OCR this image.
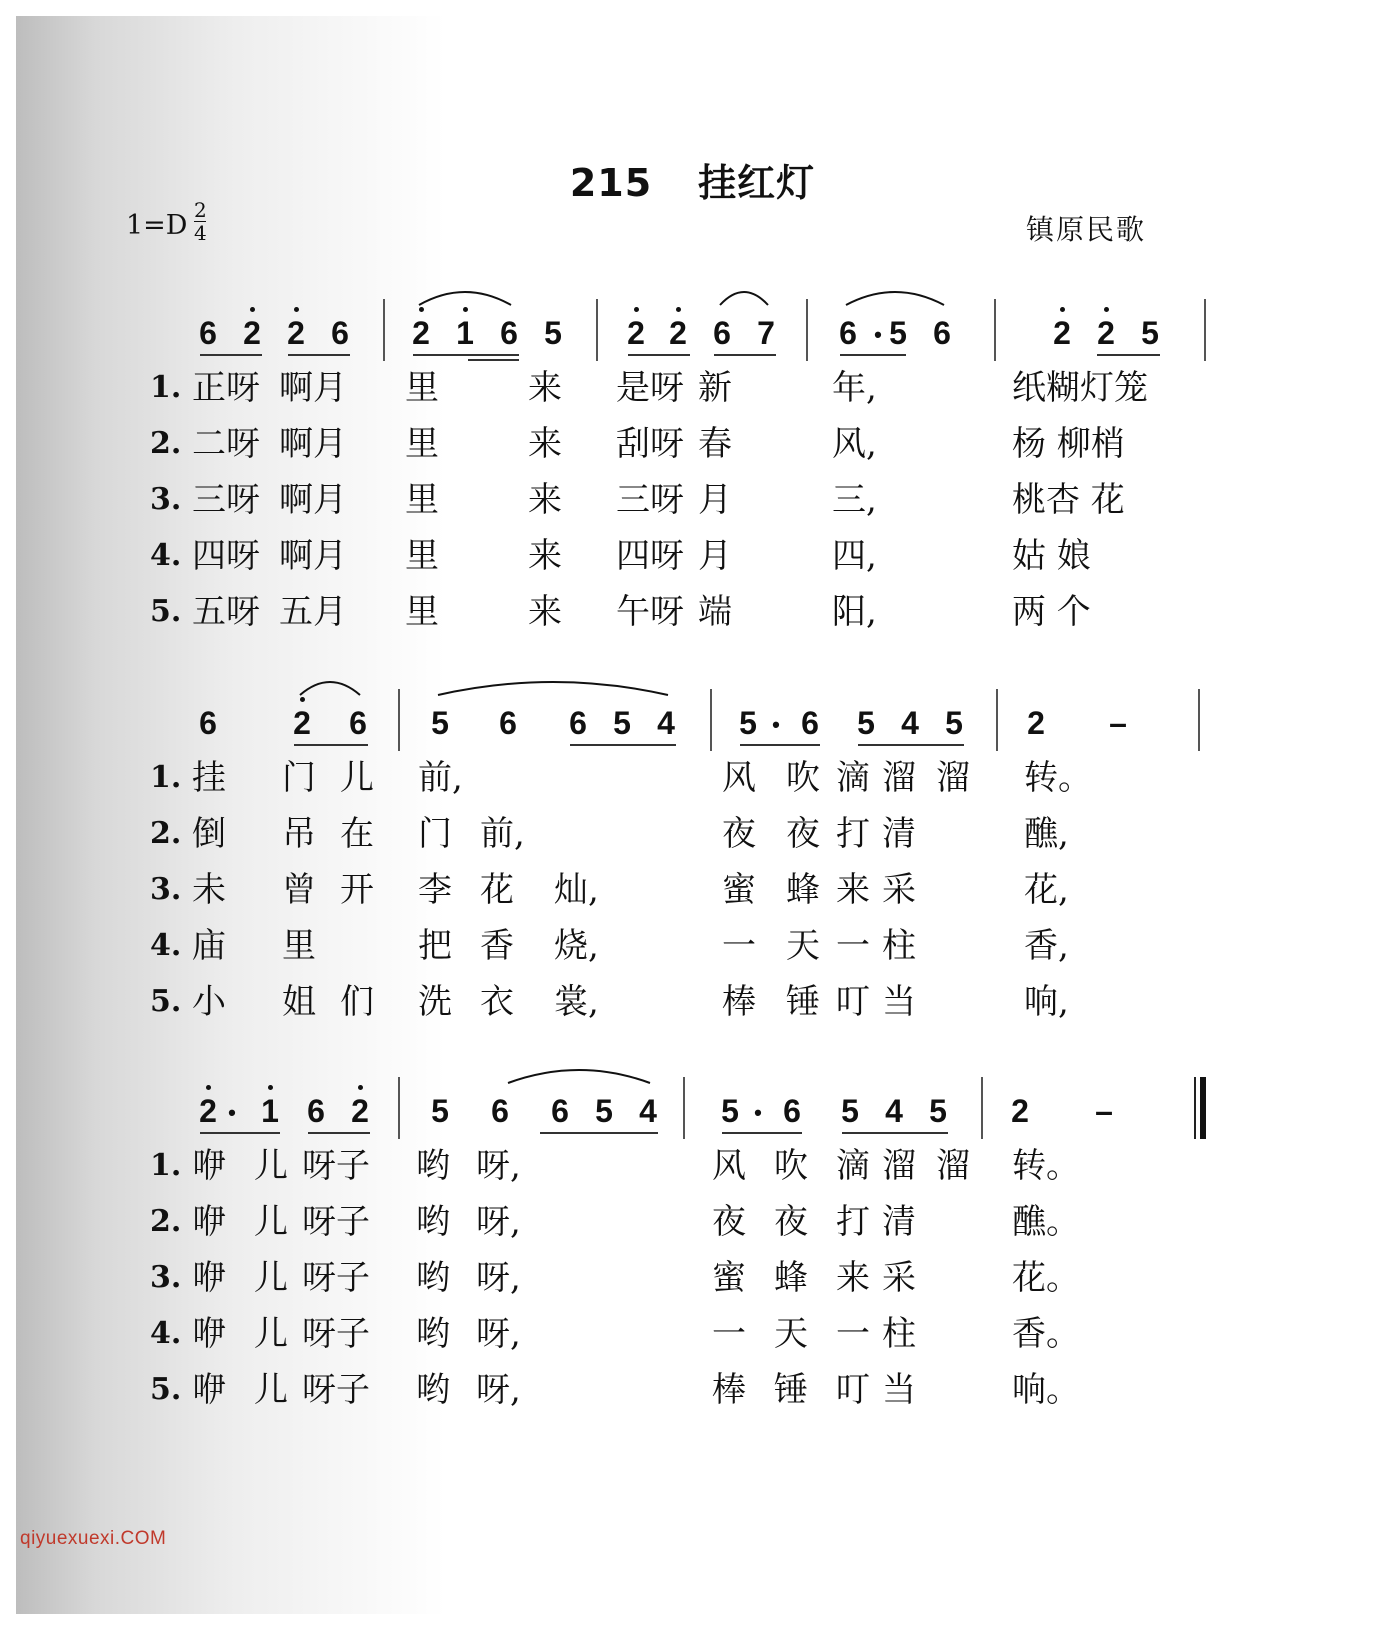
215 挂红灯
1=D 2
4	镇原民歌
6 2 2 6 2 1 6 5 2 2 6 7 6 • 5 6	2 2 5
1. 正呀 啊月 里	来 是呀 新	年,	纸糊灯笼
2. 二呀 啊月 里	来 刮呀 春	风,	杨 柳梢
3. 三呀 啊月 里	来 三呀 月	三,	桃杏 花
4. 四呀 啊月 里	来 四呀 月	四,	姑 娘
5. 五呀 五月 里	来 午呀 端	阳,	两 个
6 2 6 5 6 6 5 4 5 • 6 5 4 5 2 –
1. 挂 门 儿 前,	风 吹 滴 溜 溜 转。
2. 倒 吊 在 门 前,	夜 夜 打 清	醮,
3. 未 曾 开 李 花 灿,	蜜 蜂 来 采	花,
4. 庙 里	把 香 烧,	一 天 一 柱	香,
5. 小 姐 们 洗 衣 裳,	棒 锤 叮 当	响,
2 • 1 6 2 5 6 6 5 4 5 • 6 5 4 5 2 –
1. 咿 儿 呀子 哟 呀,	风 吹 滴 溜 溜 转。
2. 咿 儿 呀子 哟 呀,	夜 夜 打 清	醮。
3. 咿 儿 呀子 哟 呀,	蜜 蜂 来 采	花。
4. 咿 儿 呀子 哟 呀,	一 天 一 柱	香。
5. 咿 儿 呀子 哟 呀,	棒 锤 叮 当	响。
qiyuexuexi.COM
